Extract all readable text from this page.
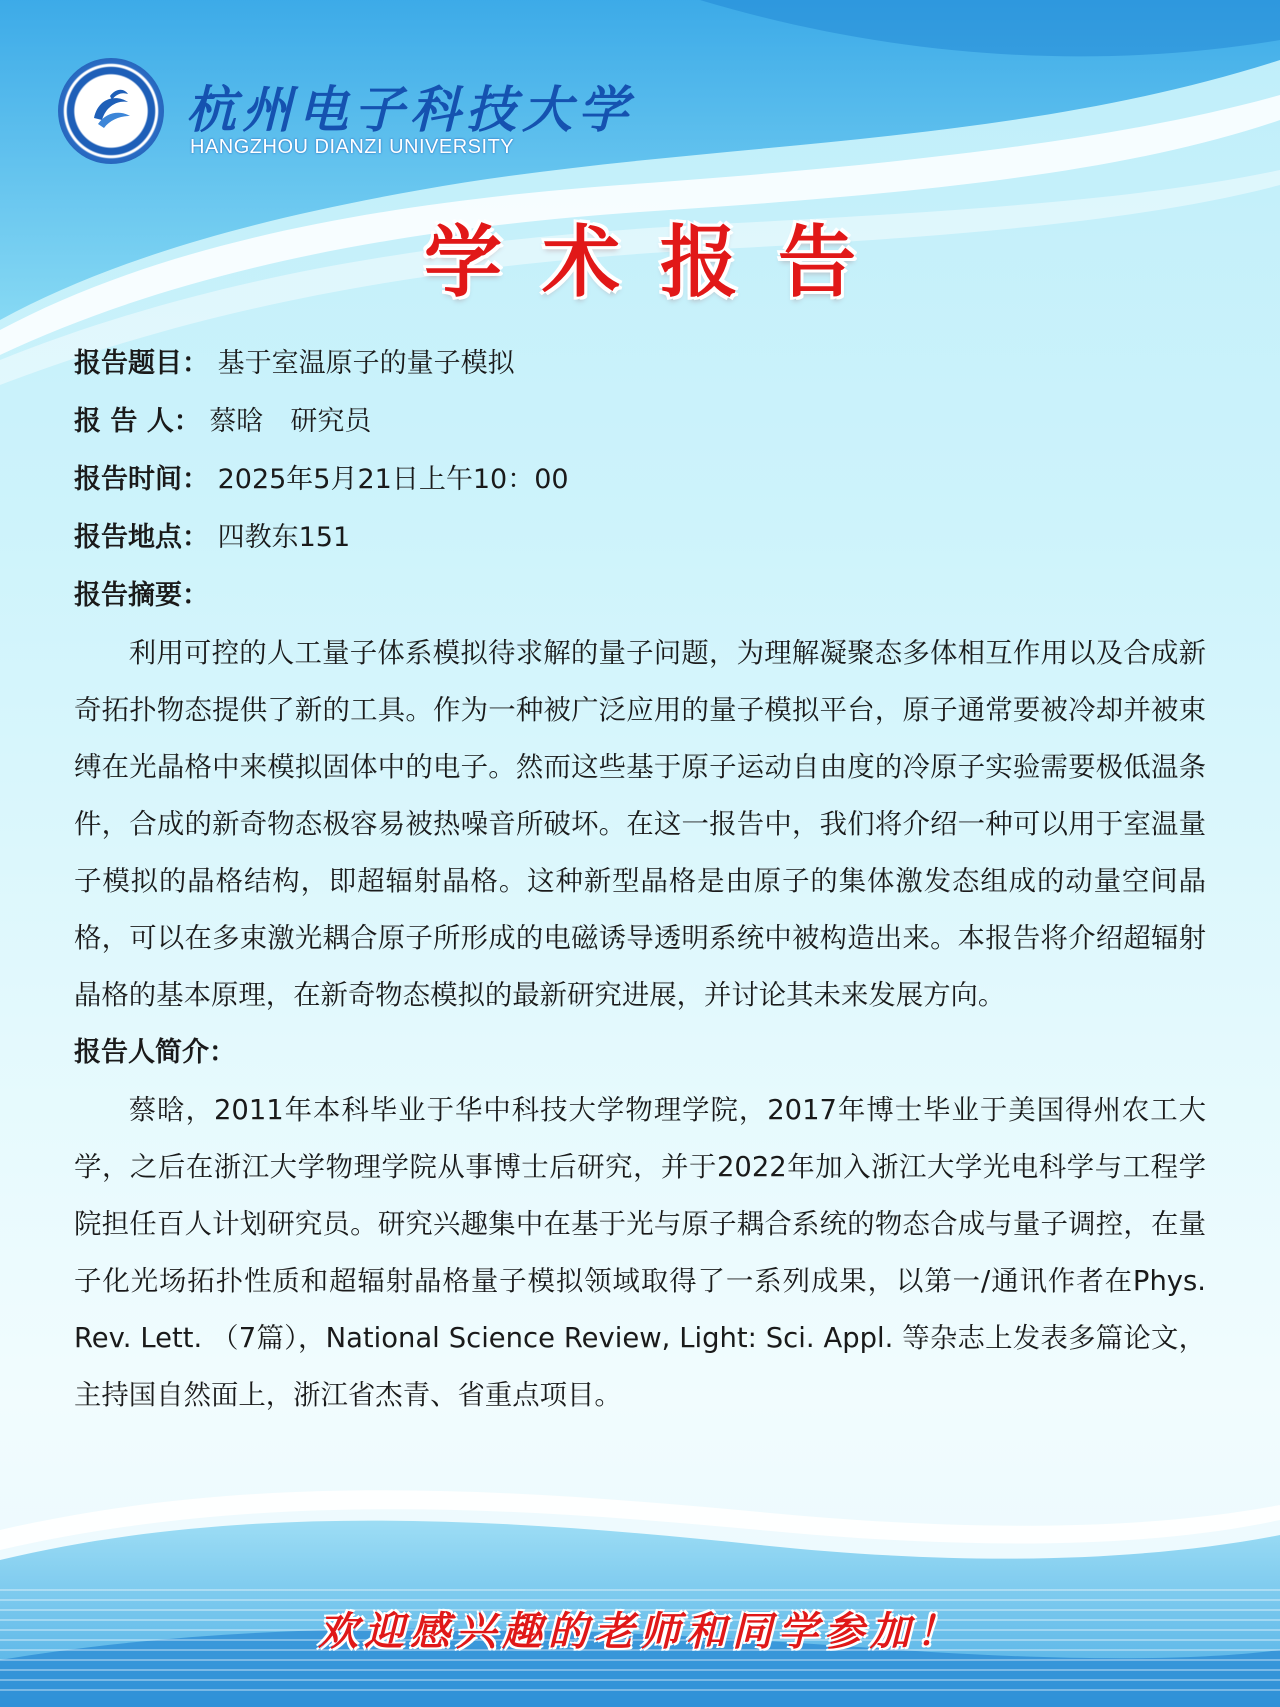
杭州电子科技大学
HANGZHOU DIANZI UNIVERSITY
学术报告
报告题目： 基于室温原子的量子模拟
报 告 人： 蔡晗　研究员
报告时间： 2025年5月21日上午10：00
报告地点： 四教东151
报告摘要：

利用可控的人工量子体系模拟待求解的量子问题，为理解凝聚态多体相互作用以及合成新奇拓扑物态提供了新的工具。作为一种被广泛应用的量子模拟平台，原子通常要被冷却并被束缚在光晶格中来模拟固体中的电子。然而这些基于原子运动自由度的冷原子实验需要极低温条件，合成的新奇物态极容易被热噪音所破坏。在这一报告中，我们将介绍一种可以用于室温量子模拟的晶格结构，即超辐射晶格。这种新型晶格是由原子的集体激发态组成的动量空间晶格，可以在多束激光耦合原子所形成的电磁诱导透明系统中被构造出来。本报告将介绍超辐射晶格的基本原理，在新奇物态模拟的最新研究进展，并讨论其未来发展方向。

报告人简介：

蔡晗，2011年本科毕业于华中科技大学物理学院，2017年博士毕业于美国得州农工大学，之后在浙江大学物理学院从事博士后研究，并于2022年加入浙江大学光电科学与工程学院担任百人计划研究员。研究兴趣集中在基于光与原子耦合系统的物态合成与量子调控，在量子化光场拓扑性质和超辐射晶格量子模拟领域取得了一系列成果，以第一/通讯作者在Phys. Rev. Lett. （7篇），National Science Review, Light: Sci. Appl. 等杂志上发表多篇论文，主持国自然面上，浙江省杰青、省重点项目。

欢迎感兴趣的老师和同学参加！
